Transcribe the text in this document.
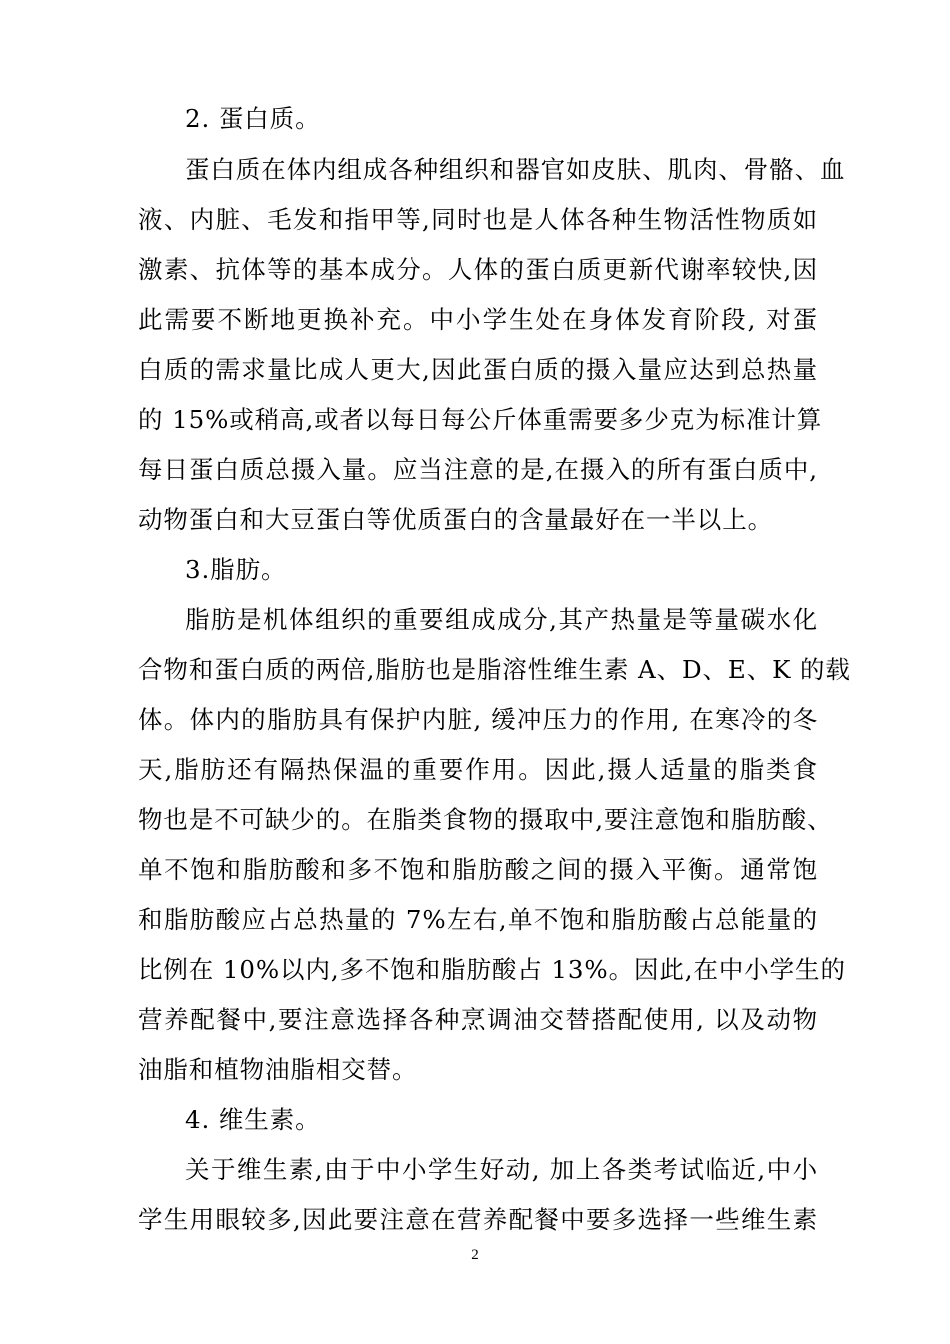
2. 蛋白质。
蛋白质在体内组成各种组织和器官如皮肤、肌肉、骨骼、血
液、内脏、毛发和指甲等,同时也是人体各种生物活性物质如
激素、抗体等的基本成分。人体的蛋白质更新代谢率较快,因
此需要不断地更换补充。中小学生处在身体发育阶段, 对蛋
白质的需求量比成人更大,因此蛋白质的摄入量应达到总热量
的 15%或稍高,或者以每日每公斤体重需要多少克为标准计算
每日蛋白质总摄入量。应当注意的是,在摄入的所有蛋白质中,
动物蛋白和大豆蛋白等优质蛋白的含量最好在一半以上。
3.脂肪。
脂肪是机体组织的重要组成成分,其产热量是等量碳水化
合物和蛋白质的两倍,脂肪也是脂溶性维生素 A、D、E、K 的载
体。体内的脂肪具有保护内脏, 缓冲压力的作用, 在寒冷的冬
天,脂肪还有隔热保温的重要作用。因此,摄人适量的脂类食
物也是不可缺少的。在脂类食物的摄取中,要注意饱和脂肪酸、
单不饱和脂肪酸和多不饱和脂肪酸之间的摄入平衡。通常饱
和脂肪酸应占总热量的 7%左右,单不饱和脂肪酸占总能量的
比例在 10%以内,多不饱和脂肪酸占 13%。因此,在中小学生的
营养配餐中,要注意选择各种烹调油交替搭配使用, 以及动物
油脂和植物油脂相交替。
4. 维生素。
关于维生素,由于中小学生好动, 加上各类考试临近,中小
学生用眼较多,因此要注意在营养配餐中要多选择一些维生素
2
